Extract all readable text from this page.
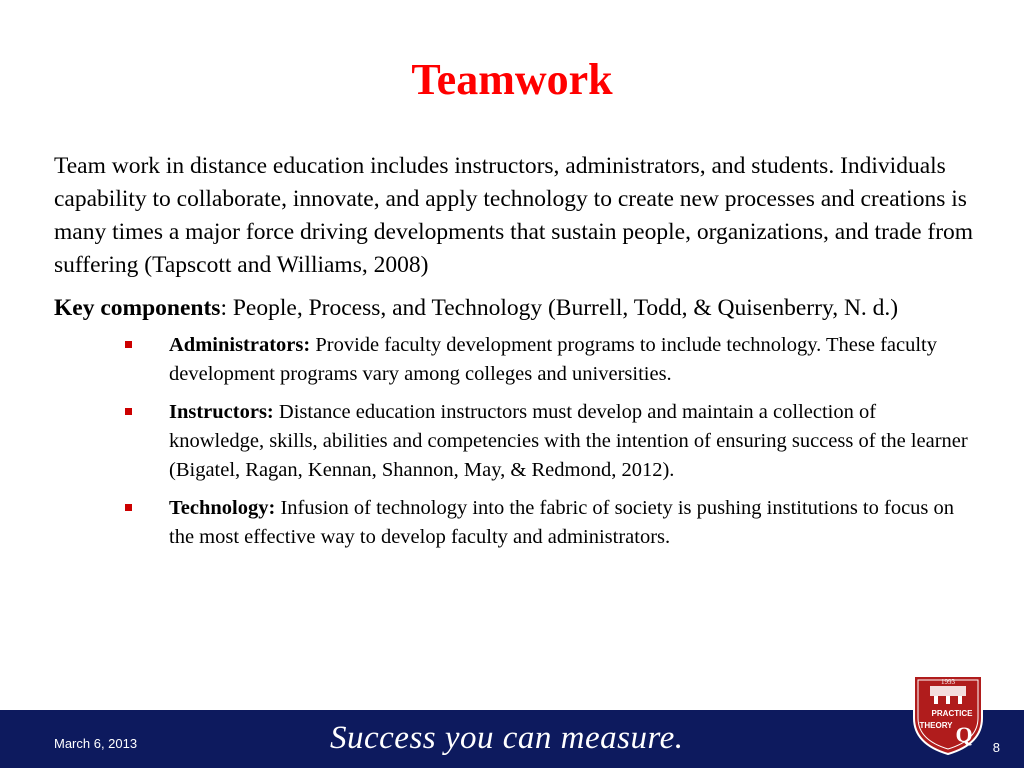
Teamwork

Team work in distance education includes instructors, administrators, and students. Individuals capability to collaborate, innovate, and apply technology to create new processes and creations is many times a major force driving developments that sustain people, organizations, and trade from suffering (Tapscott and Williams, 2008)

Key components: People, Process, and Technology (Burrell, Todd, & Quisenberry, N. d.)

Administrators: Provide faculty development programs to include technology. These faculty development programs vary among colleges and universities.
Instructors: Distance education instructors must develop and maintain a collection of knowledge, skills, abilities and competencies with the intention of ensuring success of the learner (Bigatel, Ragan, Kennan, Shannon, May, & Redmond, 2012).
Technology: Infusion of technology into the fabric of society is pushing institutions to focus on the most effective way to develop faculty and administrators.
March 6, 2013	Success you can measure.	8
1993
PRACTICE
THEORY Q
